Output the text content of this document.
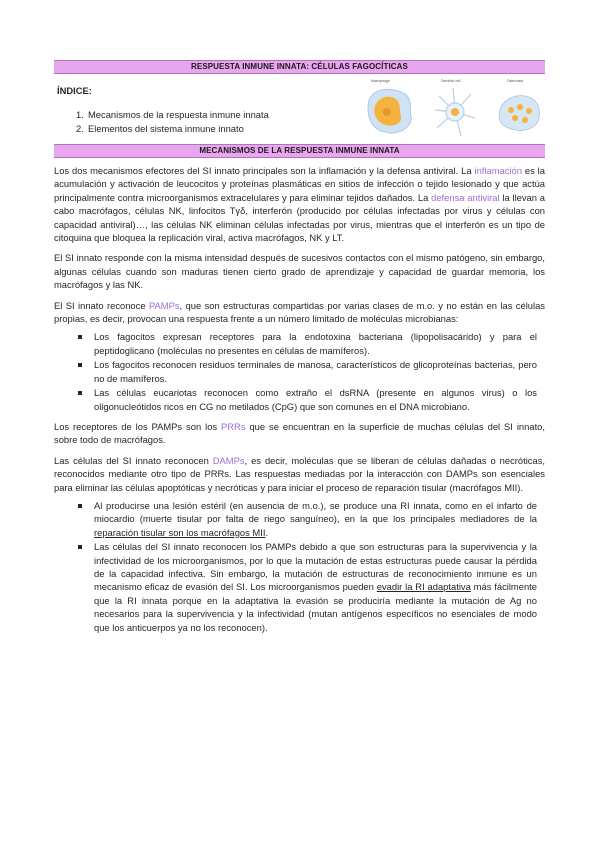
RESPUESTA INMUNE INNATA: CÉLULAS FAGOCÍTICAS
ÍNDICE:
1. Mecanismos de la respuesta inmune innata
2. Elementos del sistema inmune innato
Macrophage	Dendritic cell	Osteoclast
MECANISMOS DE LA RESPUESTA INMUNE INNATA

Los dos mecanismos efectores del SI innato principales son la inflamación y la defensa antiviral. La inflamación es la acumulación y activación de leucocitos y proteínas plasmáticas en sitios de infección o tejido lesionado y que actúa principalmente contra microorganismos extracelulares y para eliminar tejidos dañados. La defensa antiviral la llevan a cabo macrófagos, células NK, linfocitos Tγδ, interferón (producido por células infectadas por virus y células con capacidad antiviral)…, las células NK eliminan células infectadas por virus, mientras que el interferón es un tipo de citoquina que bloquea la replicación viral, activa macrófagos, NK y LT.

El SI innato responde con la misma intensidad después de sucesivos contactos con el mismo patógeno, sin embargo, algunas células cuando son maduras tienen cierto grado de aprendizaje y capacidad de guardar memoria, los macrófagos y las NK.

El SI innato reconoce PAMPs, que son estructuras compartidas por varias clases de m.o. y no están en las células propias, es decir, provocan una respuesta frente a un número limitado de moléculas microbianas:

Los fagocitos expresan receptores para la endotoxina bacteriana (lipopolisacárido) y para el peptidoglicano (moléculas no presentes en células de mamíferos).
Los fagocitos reconocen residuos terminales de manosa, característicos de glicoproteínas bacterias, pero no de mamíferos.
Las células eucariotas reconocen como extraño el dsRNA (presente en algunos virus) o los oligonucleótidos ricos en CG no metilados (CpG) que son comunes en el DNA microbiano.

Los receptores de los PAMPs son los PRRs que se encuentran en la superficie de muchas células del SI innato, sobre todo de macrófagos.

Las células del SI innato reconocen DAMPs, es decir, moléculas que se liberan de células dañadas o necróticas, reconocidos mediante otro tipo de PRRs. Las respuestas mediadas por la interacción con DAMPs son esenciales para eliminar las células apoptóticas y necróticas y para iniciar el proceso de reparación tisular (macrófagos MII).

Al producirse una lesión estéril (en ausencia de m.o.), se produce una RI innata, como en el infarto de miocardio (muerte tisular por falta de riego sanguíneo), en la que los principales mediadores de la reparación tisular son los macrófagos MII.
Las células del SI innato reconocen los PAMPs debido a que son estructuras para la supervivencia y la infectividad de los microorganismos, por lo que la mutación de estas estructuras puede causar la pérdida de la capacidad infectiva. Sin embargo, la mutación de estructuras de reconocimiento inmune es un mecanismo eficaz de evasión del SI. Los microorganismos pueden evadir la RI adaptativa más fácilmente que la RI innata porque en la adaptativa la evasión se produciría mediante la mutación de Ag no necesarios para la supervivencia y la infectividad (mutan antígenos específicos no esenciales de modo que los anticuerpos ya no los reconocen).
